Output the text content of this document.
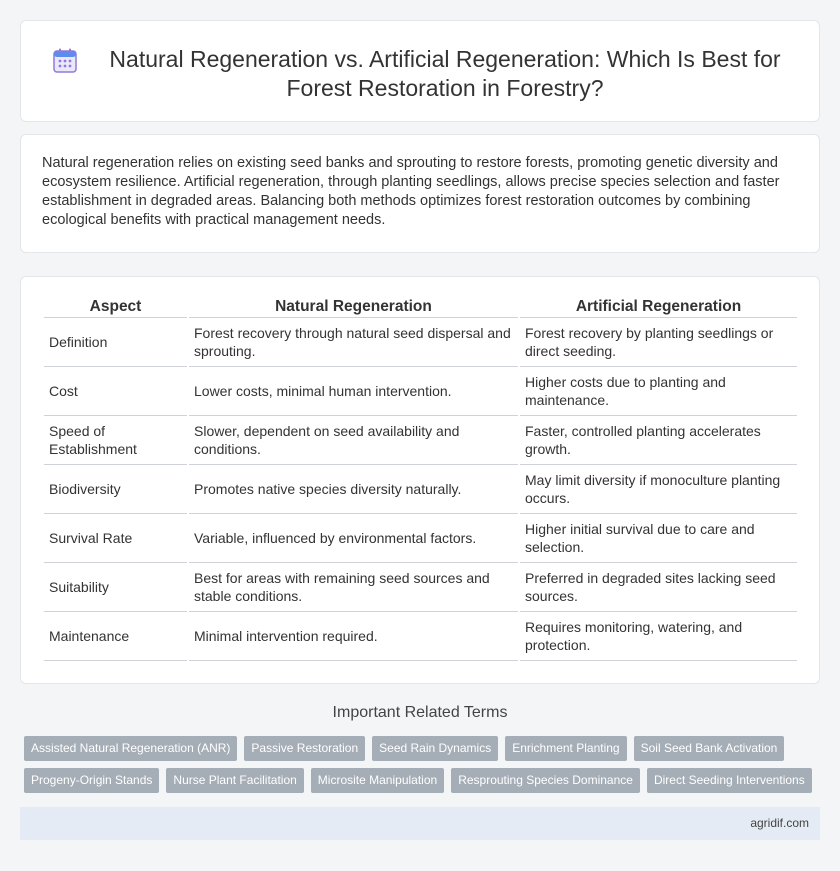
Natural Regeneration vs. Artificial Regeneration: Which Is Best for Forest Restoration in Forestry?

Natural regeneration relies on existing seed banks and sprouting to restore forests, promoting genetic diversity and ecosystem resilience. Artificial regeneration, through planting seedlings, allows precise species selection and faster establishment in degraded areas. Balancing both methods optimizes forest restoration outcomes by combining ecological benefits with practical management needs.

Aspect	Natural Regeneration	Artificial Regeneration
Definition	Forest recovery through natural seed dispersal and sprouting.	Forest recovery by planting seedlings or direct seeding.
Cost	Lower costs, minimal human intervention.	Higher costs due to planting and maintenance.
Speed of Establishment	Slower, dependent on seed availability and conditions.	Faster, controlled planting accelerates growth.
Biodiversity	Promotes native species diversity naturally.	May limit diversity if monoculture planting occurs.
Survival Rate	Variable, influenced by environmental factors.	Higher initial survival due to care and selection.
Suitability	Best for areas with remaining seed sources and stable conditions.	Preferred in degraded sites lacking seed sources.
Maintenance	Minimal intervention required.	Requires monitoring, watering, and protection.
Important Related Terms
Assisted Natural Regeneration (ANR)	Passive Restoration	Seed Rain Dynamics	Enrichment Planting	Soil Seed Bank Activation
Progeny-Origin Stands	Nurse Plant Facilitation	Microsite Manipulation	Resprouting Species Dominance	Direct Seeding Interventions
agridif.com
